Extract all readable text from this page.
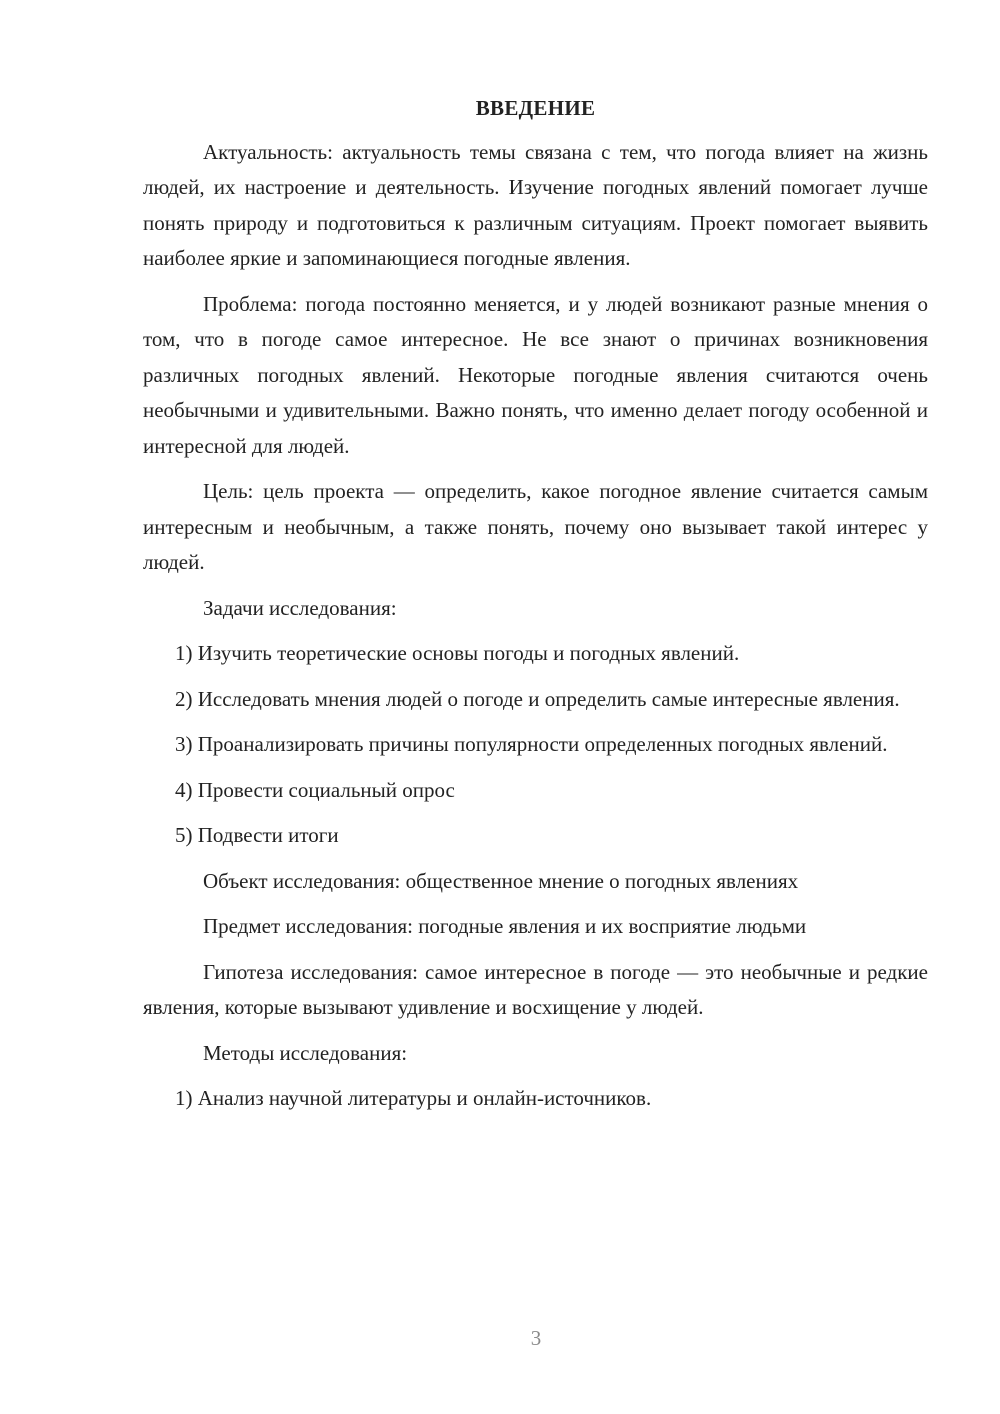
ВВЕДЕНИЕ

Актуальность: актуальность темы связана с тем, что погода влияет на жизнь людей, их настроение и деятельность. Изучение погодных явлений помогает лучше понять природу и подготовиться к различным ситуациям. Проект помогает выявить наиболее яркие и запоминающиеся погодные явления.

Проблема: погода постоянно меняется, и у людей возникают разные мнения о том, что в погоде самое интересное. Не все знают о причинах возникновения различных погодных явлений. Некоторые погодные явления считаются очень необычными и удивительными. Важно понять, что именно делает погоду особенной и интересной для людей.

Цель: цель проекта — определить, какое погодное явление считается самым интересным и необычным, а также понять, почему оно вызывает такой интерес у людей.

Задачи исследования:

1) Изучить теоретические основы погоды и погодных явлений.

2) Исследовать мнения людей о погоде и определить самые интересные явления.

3) Проанализировать причины популярности определенных погодных явлений.

4) Провести социальный опрос

5) Подвести итоги

Объект исследования: общественное мнение о погодных явлениях

Предмет исследования: погодные явления и их восприятие людьми

Гипотеза исследования: самое интересное в погоде — это необычные и редкие явления, которые вызывают удивление и восхищение у людей.

Методы исследования:

1) Анализ научной литературы и онлайн-источников.

3
